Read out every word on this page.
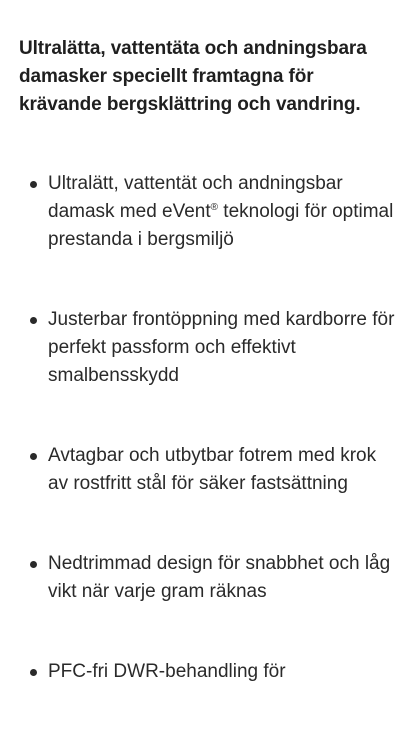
Ultralätta, vattentäta och andningsbara damasker speciellt framtagna för krävande bergsklättring och vandring.

Ultralätt, vattentät och andningsbar damask med eVent® teknologi för optimal prestanda i bergsmiljö
Justerbar frontöppning med kardborre för perfekt passform och effektivt smalbensskydd
Avtagbar och utbytbar fotrem med krok av rostfritt stål för säker fastsättning
Nedtrimmad design för snabbhet och låg vikt när varje gram räknas
PFC-fri DWR-behandling för
